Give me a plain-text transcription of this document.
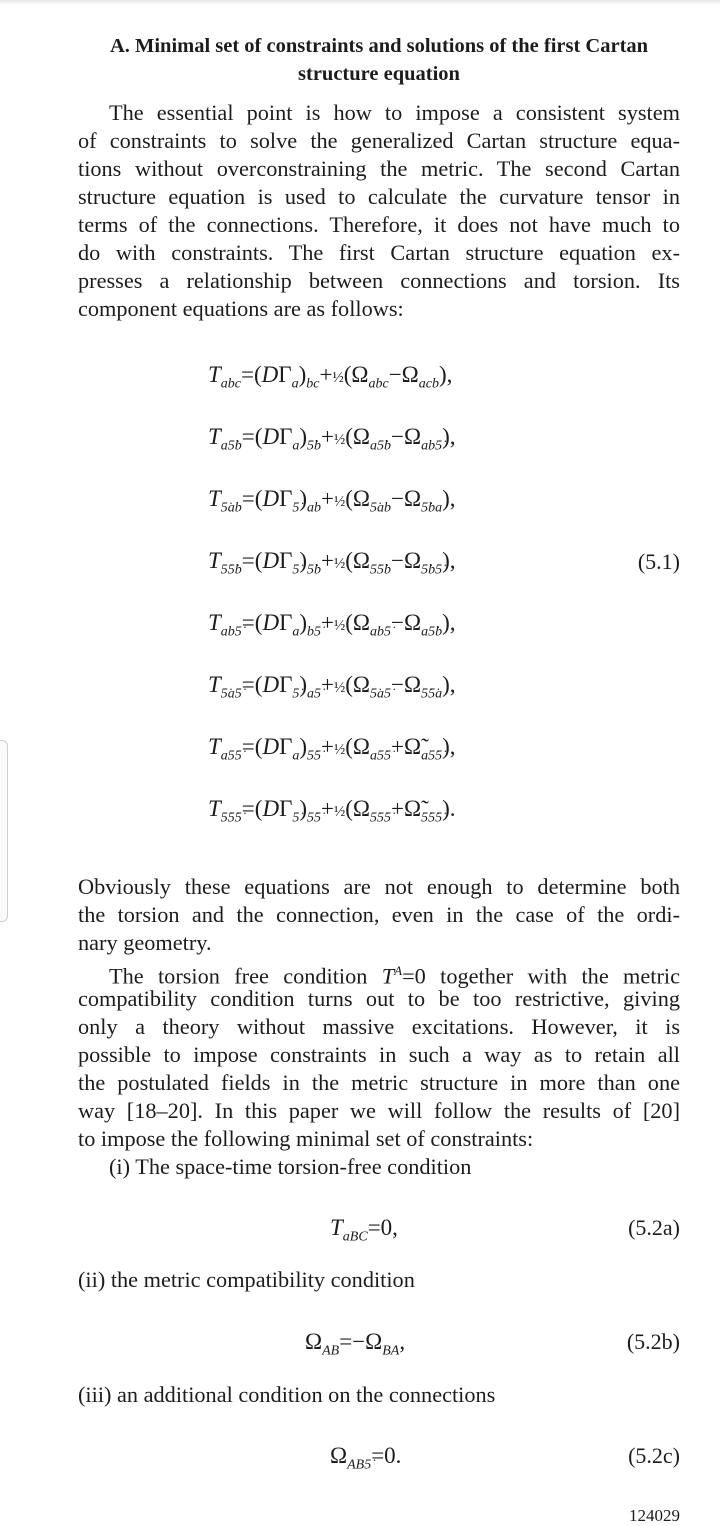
A. Minimal set of constraints and solutions of the first Cartan
structure equation
The essential point is how to impose a consistent system
of constraints to solve the generalized Cartan structure equa-
tions without overconstraining the metric. The second Cartan
structure equation is used to calculate the curvature tensor in
terms of the connections. Therefore, it does not have much to
do with constraints. The first Cartan structure equation ex-
presses a relationship between connections and torsion. Its
component equations are as follows:
$T_{abc}=(D\Gamma_a)_{bc}+\frac{1}{2}(\Omega_{abc}-\Omega_{acb})$,
$T_{a5̇b}=(D\Gamma_a)_{5̇b}+\frac{1}{2}(\Omega_{a5̇b}-\Omega_{ab5̇})$,
$T_{5̇ab}=(D\Gamma_{5̇})_{ab}+\frac{1}{2}(\Omega_{5̇ab}-\Omega_{5̇ba})$,
$T_{5̇5̇b}=(D\Gamma_{5̇})_{5̇b}+\frac{1}{2}(\Omega_{5̇5̇b}-\Omega_{5̇b5̇})$,
$T_{ab5̇}=(D\Gamma_a)_{b5̇}+\frac{1}{2}(\Omega_{ab5̇}-\Omega_{a5̇b})$,
$T_{5̇a5̇}=(D\Gamma_{5̇})_{a5̇}+\frac{1}{2}(\Omega_{5̇a5̇}-\Omega_{5̇5̇a})$,
$T_{a5̇5̇}=(D\Gamma_a)_{5̇5̇}+\frac{1}{2}(\Omega_{a5̇5̇}+\Omegã_{a5̇5̇})$,
$T_{5̇5̇5̇}=(D\Gamma_{5̇})_{5̇5̇}+\frac{1}{2}(\Omega_{5̇5̇5̇}+\Omegã_{5̇5̇5̇})$.
(5.1)
Obviously these equations are not enough to determine both
the torsion and the connection, even in the case of the ordi-
nary geometry.
The torsion free condition $T^A=0$ together with the metric
compatibility condition turns out to be too restrictive, giving
only a theory without massive excitations. However, it is
possible to impose constraints in such a way as to retain all
the postulated fields in the metric structure in more than one
way [18–20]. In this paper we will follow the results of [20]
to impose the following minimal set of constraints:
(i) The space-time torsion-free condition
$T_{aBC}=0$,	(5.2a)
(ii) the metric compatibility condition
$\Omega_{AB}=-\Omega_{BA}$,	(5.2b)
(iii) an additional condition on the connections
$\Omega_{AB5̇}=0$.	(5.2c)
124029
